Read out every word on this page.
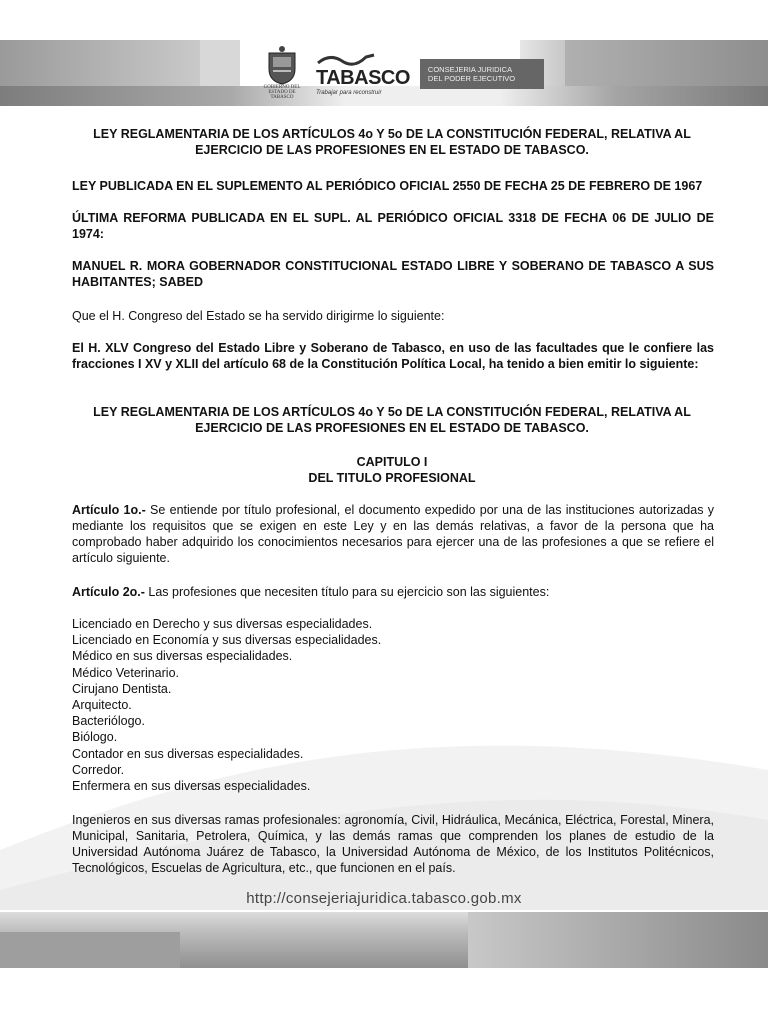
GOBIERNO DEL
ESTADO DE
TABASCO
TABASCO
Trabajar para reconstruir
CONSEJERIA JURIDICA
DEL PODER EJECUTIVO
LEY REGLAMENTARIA DE LOS ARTÍCULOS 4o Y 5o DE LA CONSTITUCIÓN FEDERAL, RELATIVA AL
EJERCICIO DE LAS PROFESIONES EN EL ESTADO DE TABASCO.
LEY PUBLICADA EN EL SUPLEMENTO AL PERIÓDICO OFICIAL 2550 DE FECHA 25 DE FEBRERO DE 1967
ÚLTIMA REFORMA PUBLICADA EN EL SUPL. AL PERIÓDICO OFICIAL 3318 DE FECHA 06 DE JULIO DE 1974:
MANUEL R. MORA GOBERNADOR CONSTITUCIONAL ESTADO LIBRE Y SOBERANO DE TABASCO A SUS HABITANTES; SABED
Que el H. Congreso del Estado se ha servido dirigirme lo siguiente:
El H. XLV Congreso del Estado Libre y Soberano de Tabasco, en uso de las facultades que le confiere las fracciones I XV y XLII del artículo 68 de la Constitución Política Local, ha tenido a bien emitir lo siguiente:
LEY REGLAMENTARIA DE LOS ARTÍCULOS 4o Y 5o DE LA CONSTITUCIÓN FEDERAL, RELATIVA AL
EJERCICIO DE LAS PROFESIONES EN EL ESTADO DE TABASCO.
CAPITULO I
DEL TITULO PROFESIONAL
Artículo 1o.- Se entiende por título profesional, el documento expedido por una de las instituciones autorizadas y mediante los requisitos que se exigen en este Ley y en las demás relativas, a favor de la persona que ha comprobado haber adquirido los conocimientos necesarios para ejercer una de las profesiones a que se refiere el artículo siguiente.
Artículo 2o.- Las profesiones que necesiten título para su ejercicio son las siguientes:
Licenciado en Derecho y sus diversas especialidades.
Licenciado en Economía y sus diversas especialidades.
Médico en sus diversas especialidades.
Médico Veterinario.
Cirujano Dentista.
Arquitecto.
Bacteriólogo.
Biólogo.
Contador en sus diversas especialidades.
Corredor.
Enfermera en sus diversas especialidades.
Ingenieros en sus diversas ramas profesionales: agronomía, Civil, Hidráulica, Mecánica, Eléctrica, Forestal, Minera, Municipal, Sanitaria, Petrolera, Química, y las demás ramas que comprenden los planes de estudio de la Universidad Autónoma Juárez de Tabasco, la Universidad Autónoma de México, de los Institutos Politécnicos, Tecnológicos, Escuelas de Agricultura, etc., que funcionen en el país.
http://consejeriajuridica.tabasco.gob.mx
